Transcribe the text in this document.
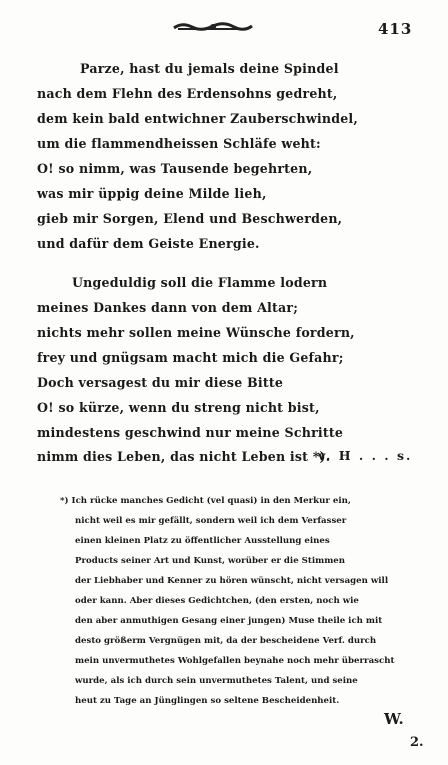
413
Parze, hast du jemals deine Spindel
nach dem Flehn des Erdensohns gedreht,
dem kein bald entwichner Zauberschwindel,
um die flammendheissen Schläfe weht:
O! so nimm, was Tausende begehrten,
was mir üppig deine Milde lieh,
gieb mir Sorgen, Elend und Beschwerden,
und dafür dem Geiste Energie.
Ungeduldig soll die Flamme lodern
meines Dankes dann von dem Altar;
nichts mehr sollen meine Wünsche fordern,
frey und gnügsam macht mich die Gefahr;
Doch versagest du mir diese Bitte
O! so kürze, wenn du streng nicht bist,
mindestens geschwind nur meine Schritte
nimm dies Leben, das nicht Leben ist *).
v. H . . . s.
*) Ich rücke manches Gedicht (vel quasi) in den Merkur ein,
nicht weil es mir gefällt, sondern weil ich dem Verfasser
einen kleinen Platz zu öffentlicher Ausstellung eines
Products seiner Art und Kunst, worüber er die Stimmen
der Liebhaber und Kenner zu hören wünscht, nicht versagen will
oder kann. Aber dieses Gedichtchen, (den ersten, noch wie
den aber anmuthigen Gesang einer jungen) Muse theile ich mit
desto größerm Vergnügen mit, da der bescheidene Verf. durch
mein unvermuthetes Wohlgefallen beynahe noch mehr überrascht
wurde, als ich durch sein unvermuthetes Talent, und seine
heut zu Tage an Jünglingen so seltene Bescheidenheit.
W.
2.
